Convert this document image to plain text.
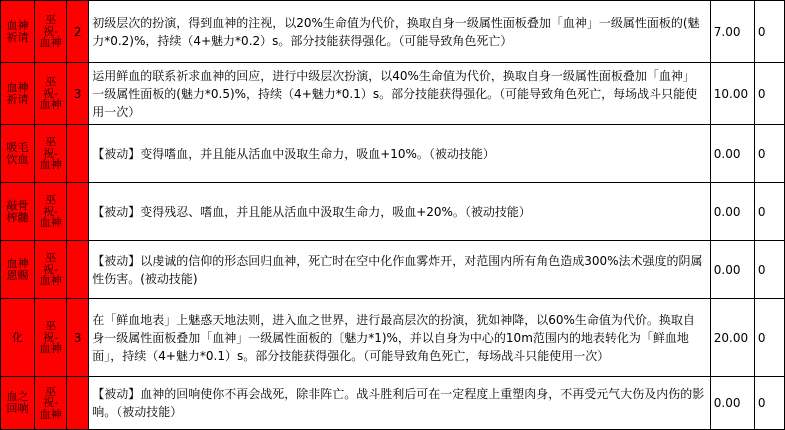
血神祈请	巫祝-血神	2	初级层次的扮演，得到血神的注视，以20%生命值为代价，换取自身一级属性面板叠加「血神」一级属性面板的(魅力*0.2)%，持续（4+魅力*0.2）s。部分技能获得强化。（可能导致角色死亡）	7.00	0

血神祈请	巫祝-血神	3	运用鲜血的联系祈求血神的回应，进行中级层次扮演，以40%生命值为代价，换取自身一级属性面板叠加「血神」一级属性面板的(魅力*0.5)%，持续（4+魅力*0.1）s。部分技能获得强化。（可能导致角色死亡，每场战斗只能使用一次）	10.00	0

吸毛饮血	巫祝-血神		【被动】变得嗜血，并且能从活血中汲取生命力，吸血+10%。（被动技能）	0.00	0

敲骨榨髓	巫祝-血神		【被动】变得残忍、嗜血，并且能从活血中汲取生命力，吸血+20%。（被动技能）	0.00	0

血神恩赐	巫祝-血神		【被动】以虔诚的信仰的形态回归血神，死亡时在空中化作血雾炸开，对范围内所有角色造成300%法术强度的阴属性伤害。(被动技能)	0.00	0

化	巫祝-血神	3	在「鲜血地表」上魅惑天地法则，进入血之世界，进行最高层次的扮演，犹如神降，以60%生命值为代价。换取自身一级属性面板叠加「血神」一级属性面板的〔魅力*1)%，并以自身为中心的10m范围内的地表转化为「鲜血地面」，持续（4+魅力*0.1）s。部分技能获得强化。（可能导致角色死亡，每场战斗只能使用一次）	20.00	0

血之回响	巫祝-血神		【被动】血神的回响使你不再会战死，除非阵亡。战斗胜利后可在一定程度上重塑肉身，不再受元气大伤及内伤的影响。（被动技能）	0.00	0
